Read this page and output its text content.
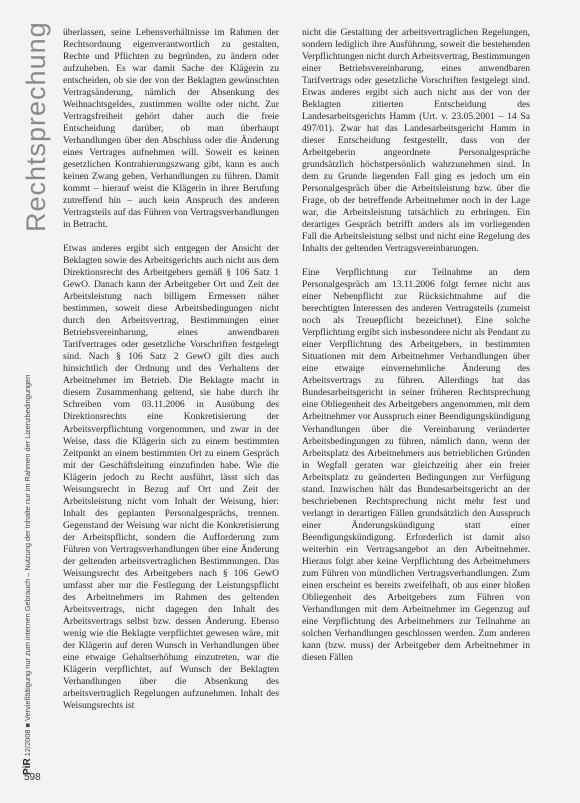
Rechtsprechung
PiR 12/2008 ■ Vervielfältigung nur zum internen Gebrauch – Nutzung der Inhalte nur im Rahmen der Lizenzbedingungen
598

überlassen, seine Lebensverhältnisse im Rahmen der Rechtsordnung eigenverantwortlich zu gestalten, Rechte und Pflichten zu begründen, zu ändern oder aufzuheben. Es war damit Sache der Klägerin zu entscheiden, ob sie der von der Beklagten gewünschten Vertragsänderung, nämlich der Absenkung des Weihnachtsgeldes, zustimmen wollte oder nicht. Zur Vertragsfreiheit gehört daher auch die freie Entscheidung darüber, ob man überhaupt Verhandlungen über den Abschluss oder die Änderung eines Vertrages aufnehmen will. Soweit es keinen gesetzlichen Kontrahierungszwang gibt, kann es auch keinen Zwang geben, Verhandlungen zu führen. Damit kommt – hierauf weist die Klägerin in ihrer Berufung zutreffend hin – auch kein Anspruch des anderen Vertragsteils auf das Führen von Vertragsverhandlungen in Betracht.

Etwas anderes ergibt sich entgegen der Ansicht der Beklagten sowie des Arbeitsgerichts auch nicht aus dem Direktionsrecht des Arbeitgebers gemäß § 106 Satz 1 GewO. Danach kann der Arbeitgeber Ort und Zeit der Arbeitsleistung nach billigem Ermessen näher bestimmen, soweit diese Arbeitsbedingungen nicht durch den Arbeitsvertrag, Bestimmungen einer Betriebsvereinbarung, eines anwendbaren Tarifvertrages oder gesetzliche Vorschriften festgelegt sind. Nach § 106 Satz 2 GewO gilt dies auch hinsichtlich der Ordnung und des Verhaltens der Arbeitnehmer im Betrieb. Die Beklagte macht in diesem Zusammenhang geltend, sie habe durch ihr Schreiben vom 03.11.2006 in Ausübung des Direktionsrechts eine Konkretisierung der Arbeitsverpflichtung vorgenommen, und zwar in der Weise, dass die Klägerin sich zu einem bestimmten Zeitpunkt an einem bestimmten Ort zu einem Gespräch mit der Geschäftsleitung einzufinden habe. Wie die Klägerin jedoch zu Recht ausführt, lässt sich das Weisungsrecht in Bezug auf Ort und Zeit der Arbeitsleistung nicht vom Inhalt der Weisung, hier: Inhalt des geplanten Personalgesprächs, trennen. Gegenstand der Weisung war nicht die Konkretisierung der Arbeitspflicht, sondern die Aufforderung zum Führen von Vertragsverhandlungen über eine Änderung der geltenden arbeitsvertraglichen Bestimmungen. Das Weisungsrecht des Arbeitgebers nach § 106 GewO umfasst aber nur die Festlegung der Leistungspflicht des Arbeitnehmers im Rahmen des geltenden Arbeitsvertrags, nicht dagegen den Inhalt des Arbeitsvertrags selbst bzw. dessen Änderung. Ebenso wenig wie die Beklagte verpflichtet gewesen wäre, mit der Klägerin auf deren Wunsch in Verhandlungen über eine etwaige Gehaltserhöhung einzutreten, war die Klägerin verpflichtet, auf Wunsch der Beklagten Verhandlungen über die Absenkung des arbeitsvertraglich Regelungen aufzunehmen. Inhalt des Weisungsrechts ist

nicht die Gestaltung der arbeitsvertraglichen Regelungen, sondern lediglich ihre Ausführung, soweit die bestehenden Verpflichtungen nicht durch Arbeitsvertrag, Bestimmungen einer Betriebsvereinbarung, eines anwendbaren Tarifvertrags oder gesetzliche Vorschriften festgelegt sind. Etwas anderes ergibt sich auch nicht aus der von der Beklagten zitierten Entscheidung des Landesarbeitsgerichts Hamm (Urt. v. 23.05.2001 – 14 Sa 497/01). Zwar hat das Landesarbeitsgericht Hamm in dieser Entscheidung festgestellt, dass von der Arbeitgeberin angeordnete Personalgespräche grundsätzlich höchstpersönlich wahrzunehmen sind. In dem zu Grunde liegenden Fall ging es jedoch um ein Personalgespräch über die Arbeitsleistung bzw. über die Frage, ob der betreffende Arbeitnehmer noch in der Lage war, die Arbeitsleistung tatsächlich zu erbringen. Ein derartiges Gespräch betrifft anders als im vorliegenden Fall die Arbeitsleistung selbst und nicht eine Regelung des Inhalts der geltenden Vertragsvereinbarungen.

Eine Verpflichtung zur Teilnahme an dem Personalgespräch am 13.11.2006 folgt ferner nicht aus einer Nebenpflicht zur Rücksichtnahme auf die berechtigten Interessen des anderen Vertragsteils (zumeist noch als Treuepflicht bezeichnet). Eine solche Verpflichtung ergibt sich insbesondere nicht als Pendant zu einer Verpflichtung des Arbeitgebers, in bestimmten Situationen mit dem Arbeitnehmer Verhandlungen über eine etwaige einvernehmliche Änderung des Arbeitsvertrags zu führen. Allerdings hat das Bundesarbeitsgericht in seiner früheren Rechtsprechung eine Obliegenheit des Arbeitgebers angenommen, mit dem Arbeitnehmer vor Ausspruch einer Beendigungskündigung Verhandlungen über die Vereinbarung veränderter Arbeitsbedingungen zu führen, nämlich dann, wenn der Arbeitsplatz des Arbeitnehmers aus betrieblichen Gründen in Wegfall geraten war gleichzeitig aber ein freier Arbeitsplatz zu geänderten Bedingungen zur Verfügung stand. Inzwischen hält das Bundesarbeitsgericht an der beschriebenen Rechtsprechung nicht mehr fest und verlangt in derartigen Fällen grundsätzlich den Ausspruch einer Änderungskündigung statt einer Beendigungskündigung. Erforderlich ist damit also weiterhin ein Vertragsangebot an den Arbeitnehmer. Hieraus folgt aber keine Verpflichtung des Arbeitnehmers zum Führen von mündlichen Vertragsverhandlungen. Zum einen erscheint es bereits zweifelhaft, ob aus einer bloßen Obliegenheit des Arbeitgebers zum Führen von Verhandlungen mit dem Arbeitnehmer im Gegenzug auf eine Verpflichtung des Arbeitnehmers zur Teilnahme an solchen Verhandlungen geschlossen werden. Zum anderen kann (bzw. muss) der Arbeitgeber dem Arbeitnehmer in diesen Fällen
